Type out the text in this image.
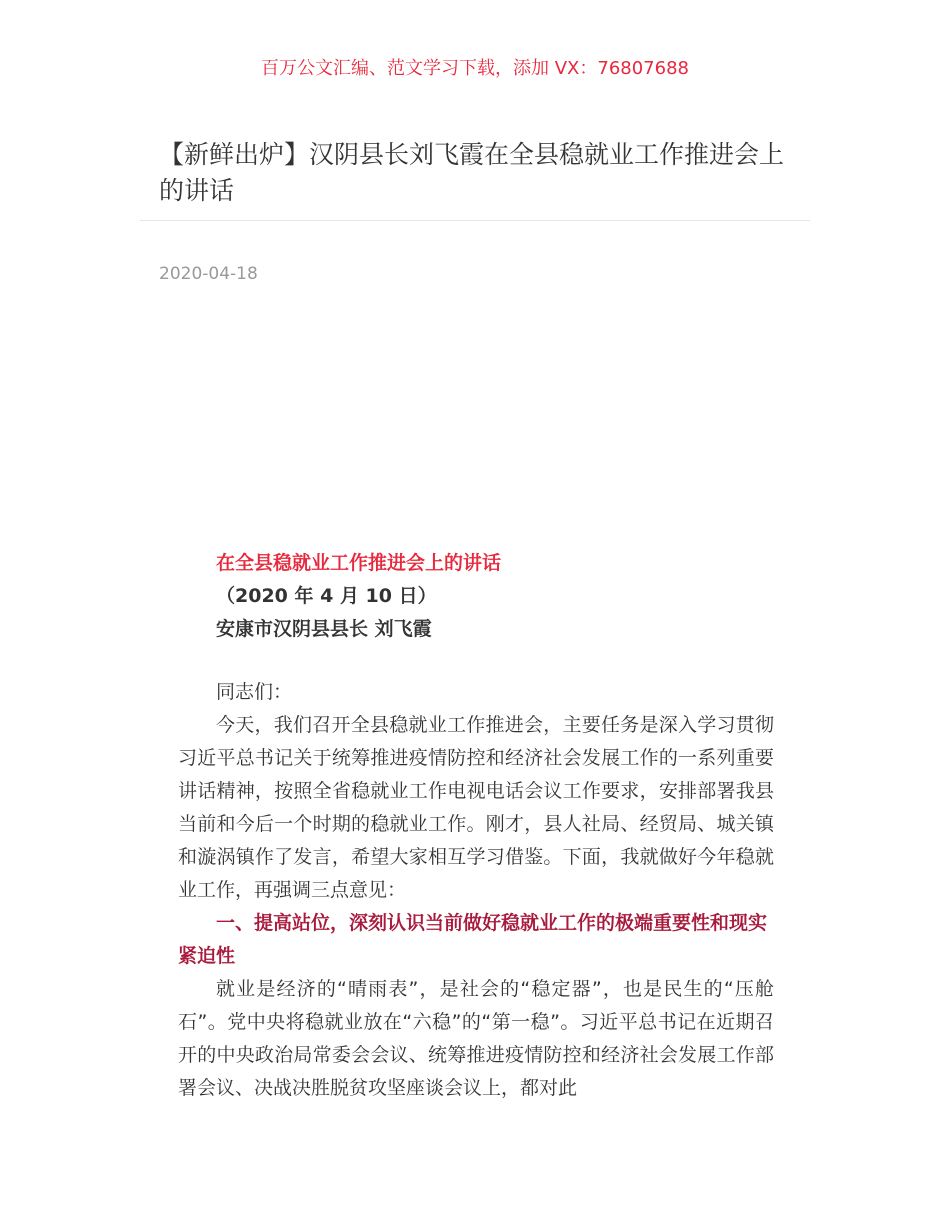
百万公文汇编、范文学习下载，添加 VX：76807688
【新鲜出炉】汉阴县长刘飞霞在全县稳就业工作推进会上的讲话
2020-04-18
在全县稳就业工作推进会上的讲话
（2020 年 4 月 10 日）
安康市汉阴县县长 刘飞霞

同志们：

今天，我们召开全县稳就业工作推进会，主要任务是深入学习贯彻习近平总书记关于统筹推进疫情防控和经济社会发展工作的一系列重要讲话精神，按照全省稳就业工作电视电话会议工作要求，安排部署我县当前和今后一个时期的稳就业工作。刚才，县人社局、经贸局、城关镇和漩涡镇作了发言，希望大家相互学习借鉴。下面，我就做好今年稳就业工作，再强调三点意见：

一、提高站位，深刻认识当前做好稳就业工作的极端重要性和现实紧迫性

就业是经济的“晴雨表”，是社会的“稳定器”，也是民生的“压舱石”。党中央将稳就业放在“六稳”的“第一稳”。习近平总书记在近期召开的中央政治局常委会会议、统筹推进疫情防控和经济社会发展工作部署会议、决战决胜脱贫攻坚座谈会议上，都对此
